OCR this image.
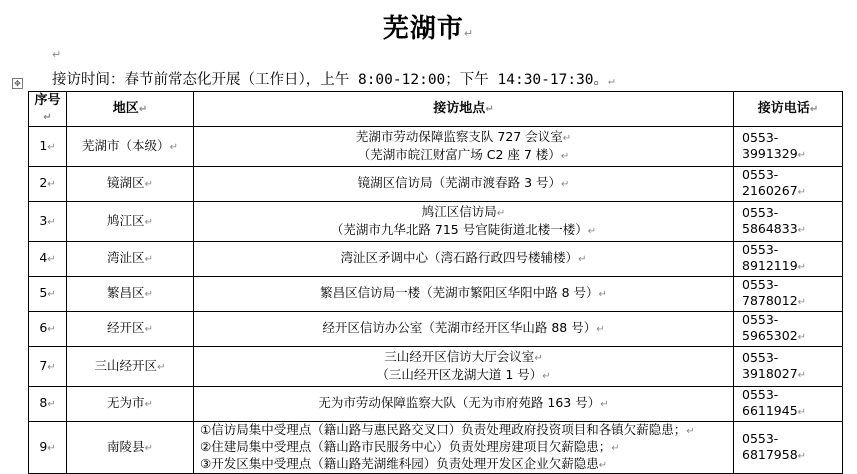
芜湖市↵
↵
接访时间：春节前常态化开展（工作日），上午 8:00-12:00；下午 14:30-17:30。↵
✥
序号↵	地区↵	接访地点↵	接访电话↵
1↵	芜湖市（本级）↵	芜湖市劳动保障监察支队 727 会议室↵
（芜湖市皖江财富广场 C2 座 7 楼）↵	0553-3991329↵
2↵	镜湖区↵	镜湖区信访局（芜湖市渡春路 3 号）↵	0553-2160267↵
3↵	鸠江区↵	鸠江区信访局↵
（芜湖市九华北路 715 号官陡街道北楼一楼）↵	0553-5864833↵
4↵	湾沚区↵	湾沚区矛调中心（湾石路行政四号楼辅楼）↵	0553-8912119↵
5↵	繁昌区↵	繁昌区信访局一楼（芜湖市繁阳区华阳中路 8 号）↵	0553-7878012↵
6↵	经开区↵	经开区信访办公室（芜湖市经开区华山路 88 号）↵	0553-5965302↵
7↵	三山经开区↵	三山经开区信访大厅会议室↵
（三山经开区龙湖大道 1 号）↵	0553-3918027↵
8↵	无为市↵	无为市劳动保障监察大队（无为市府苑路 163 号）↵	0553-6611945↵
9↵	南陵县↵	①信访局集中受理点（籍山路与惠民路交叉口）负责处理政府投资项目和各镇欠薪隐患；↵
②住建局集中受理点（籍山路市民服务中心）负责处理房建项目欠薪隐患；↵
③开发区集中受理点（籍山路芜湖维科园）负责处理开发区企业欠薪隐患↵	0553-6817958↵
